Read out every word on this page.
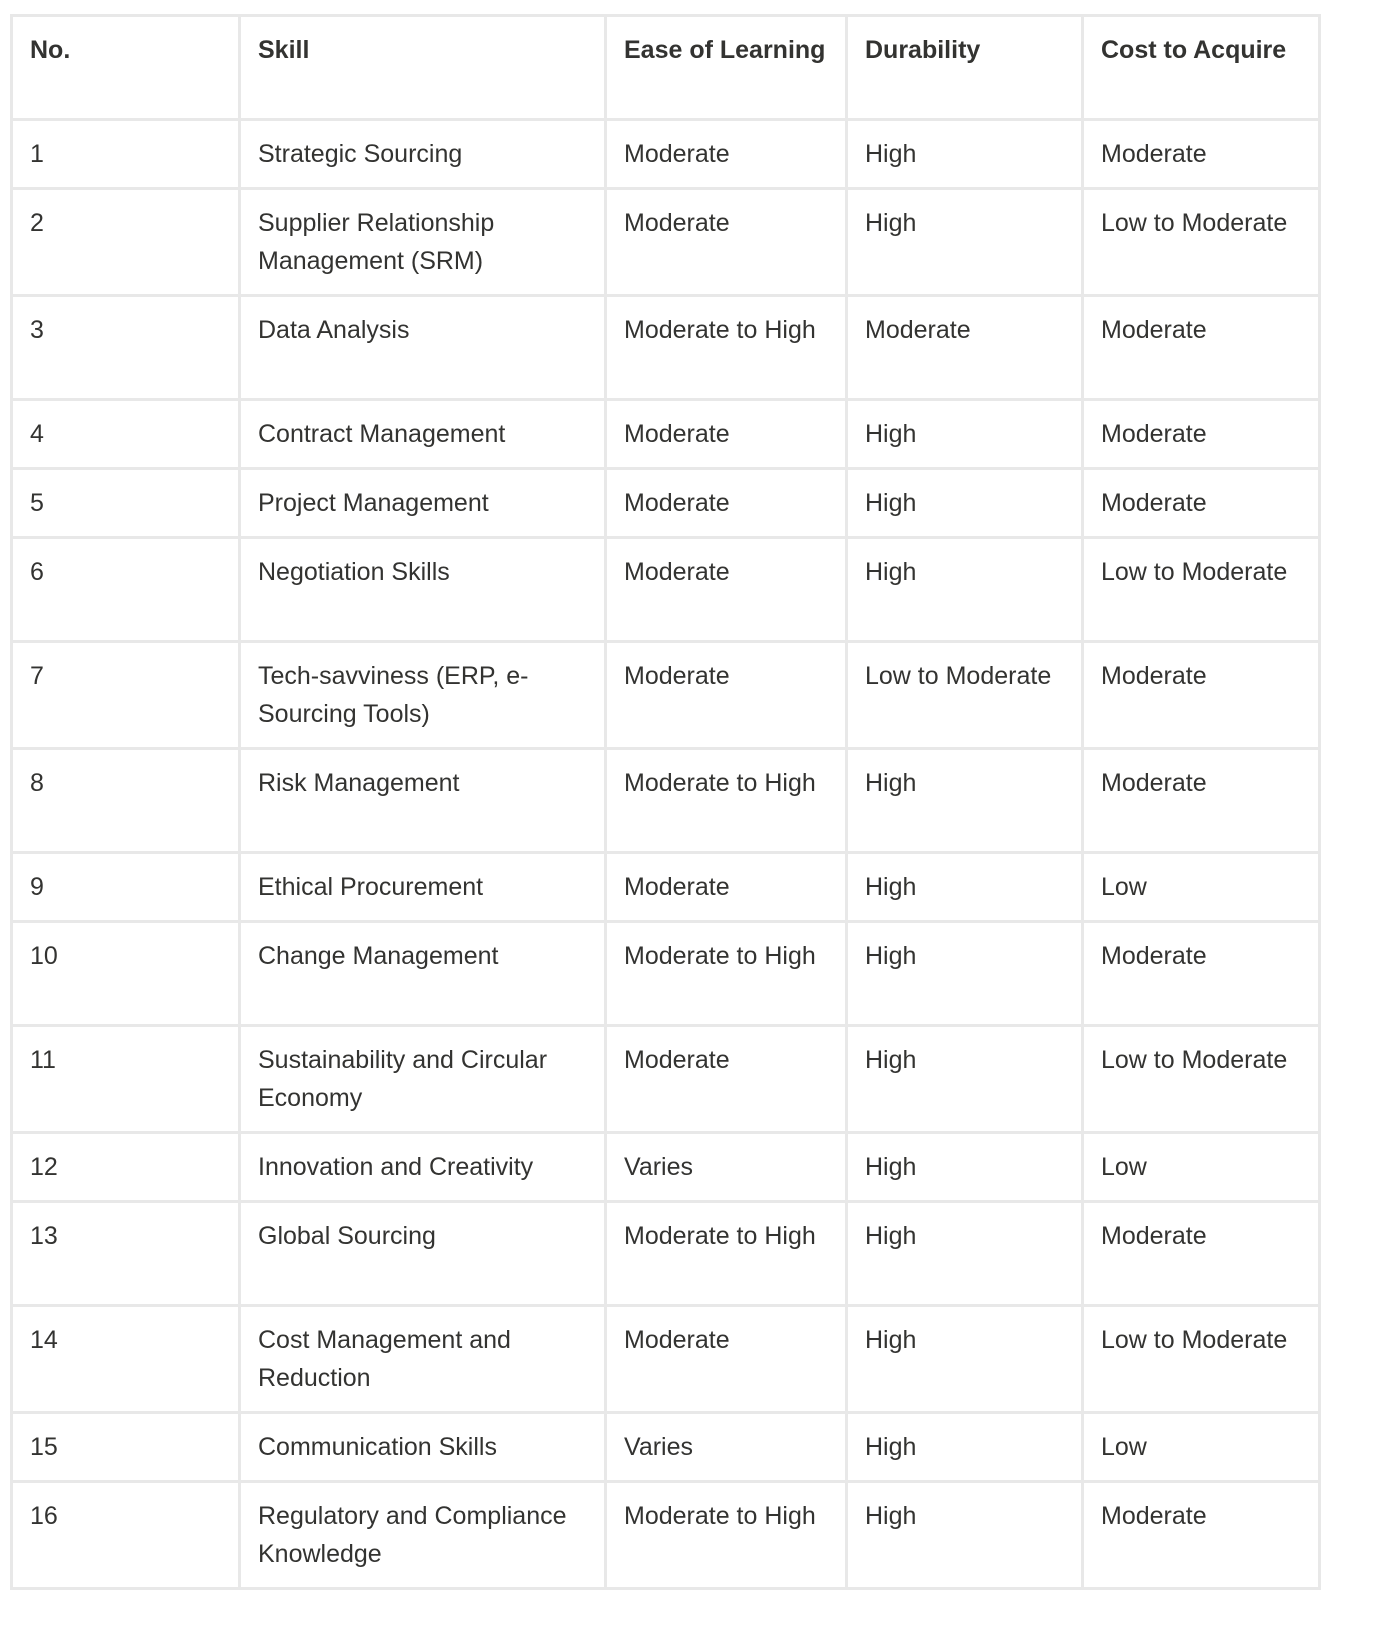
No.	Skill	Ease of Learning	Durability	Cost to Acquire
1	Strategic Sourcing	Moderate	High	Moderate
2	Supplier Relationship Management (SRM)	Moderate	High	Low to Moderate
3	Data Analysis	Moderate to High	Moderate	Moderate
4	Contract Management	Moderate	High	Moderate
5	Project Management	Moderate	High	Moderate
6	Negotiation Skills	Moderate	High	Low to Moderate
7	Tech-savviness (ERP, e-Sourcing Tools)	Moderate	Low to Moderate	Moderate
8	Risk Management	Moderate to High	High	Moderate
9	Ethical Procurement	Moderate	High	Low
10	Change Management	Moderate to High	High	Moderate
11	Sustainability and Circular Economy	Moderate	High	Low to Moderate
12	Innovation and Creativity	Varies	High	Low
13	Global Sourcing	Moderate to High	High	Moderate
14	Cost Management and Reduction	Moderate	High	Low to Moderate
15	Communication Skills	Varies	High	Low
16	Regulatory and Compliance Knowledge	Moderate to High	High	Moderate
